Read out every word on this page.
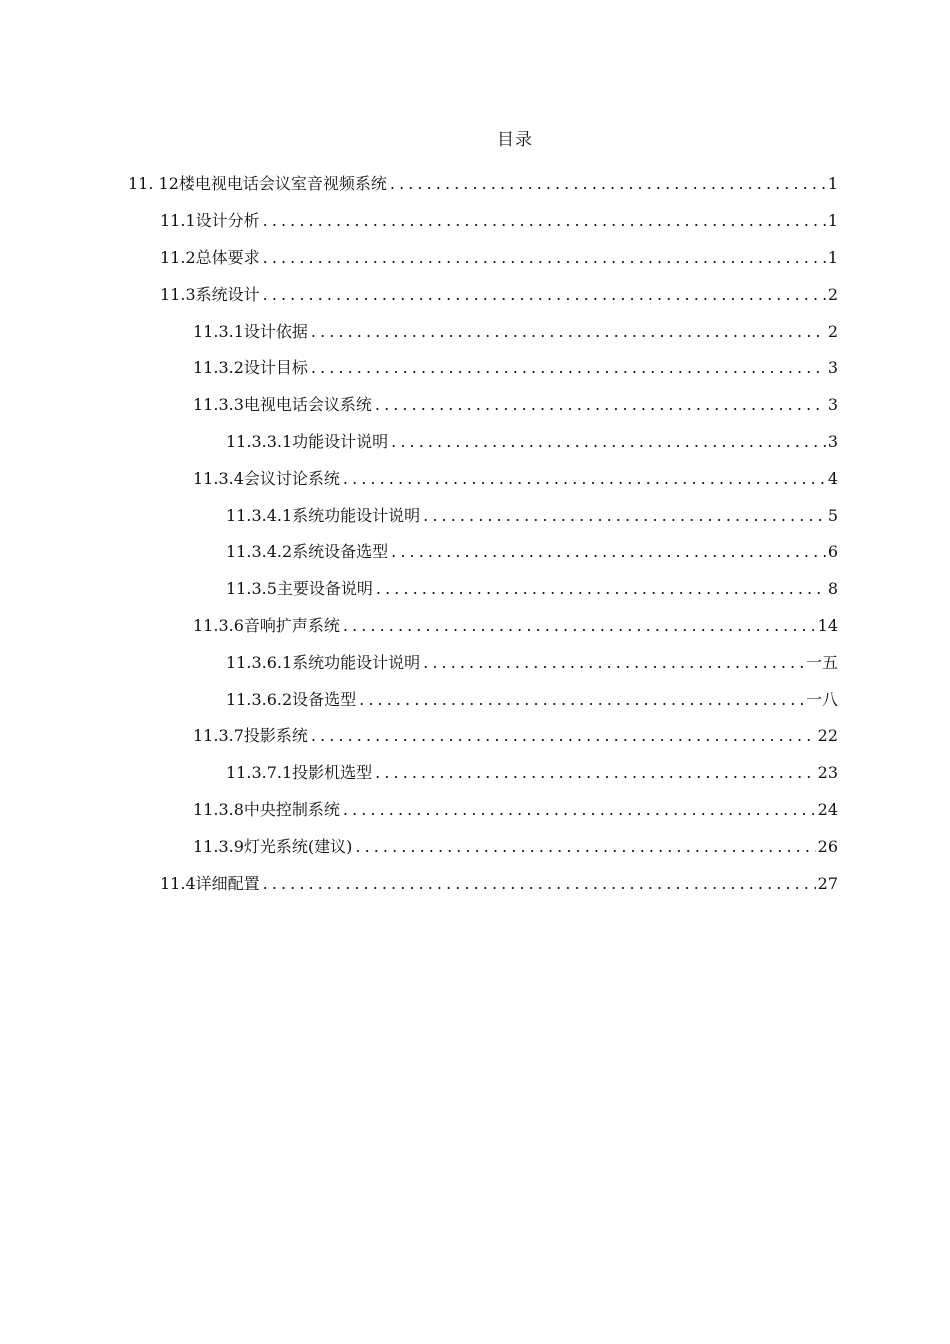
目录
11. 12楼电视电话会议室音视频系统 . . .	1
11.1设计分析 . . .	1
11.2总体要求 . . .	1
11.3系统设计 . . .	2
11.3.1设计依据 . . .	2
11.3.2设计目标 . . .	3
11.3.3电视电话会议系统 . . .	3
11.3.3.1功能设计说明 . . .	3
11.3.4会议讨论系统 . . .	4
11.3.4.1系统功能设计说明 . . .	5
11.3.4.2系统设备选型 . . .	6
11.3.5主要设备说明 . . .	8
11.3.6音响扩声系统 . . .	14
11.3.6.1系统功能设计说明 . . .	一五
11.3.6.2设备选型 . . .	一八
11.3.7投影系统 . . .	22
11.3.7.1投影机选型 . . .	23
11.3.8中央控制系统 . . .	24
11.3.9灯光系统(建议) . . .	26
11.4详细配置 . . .	27
